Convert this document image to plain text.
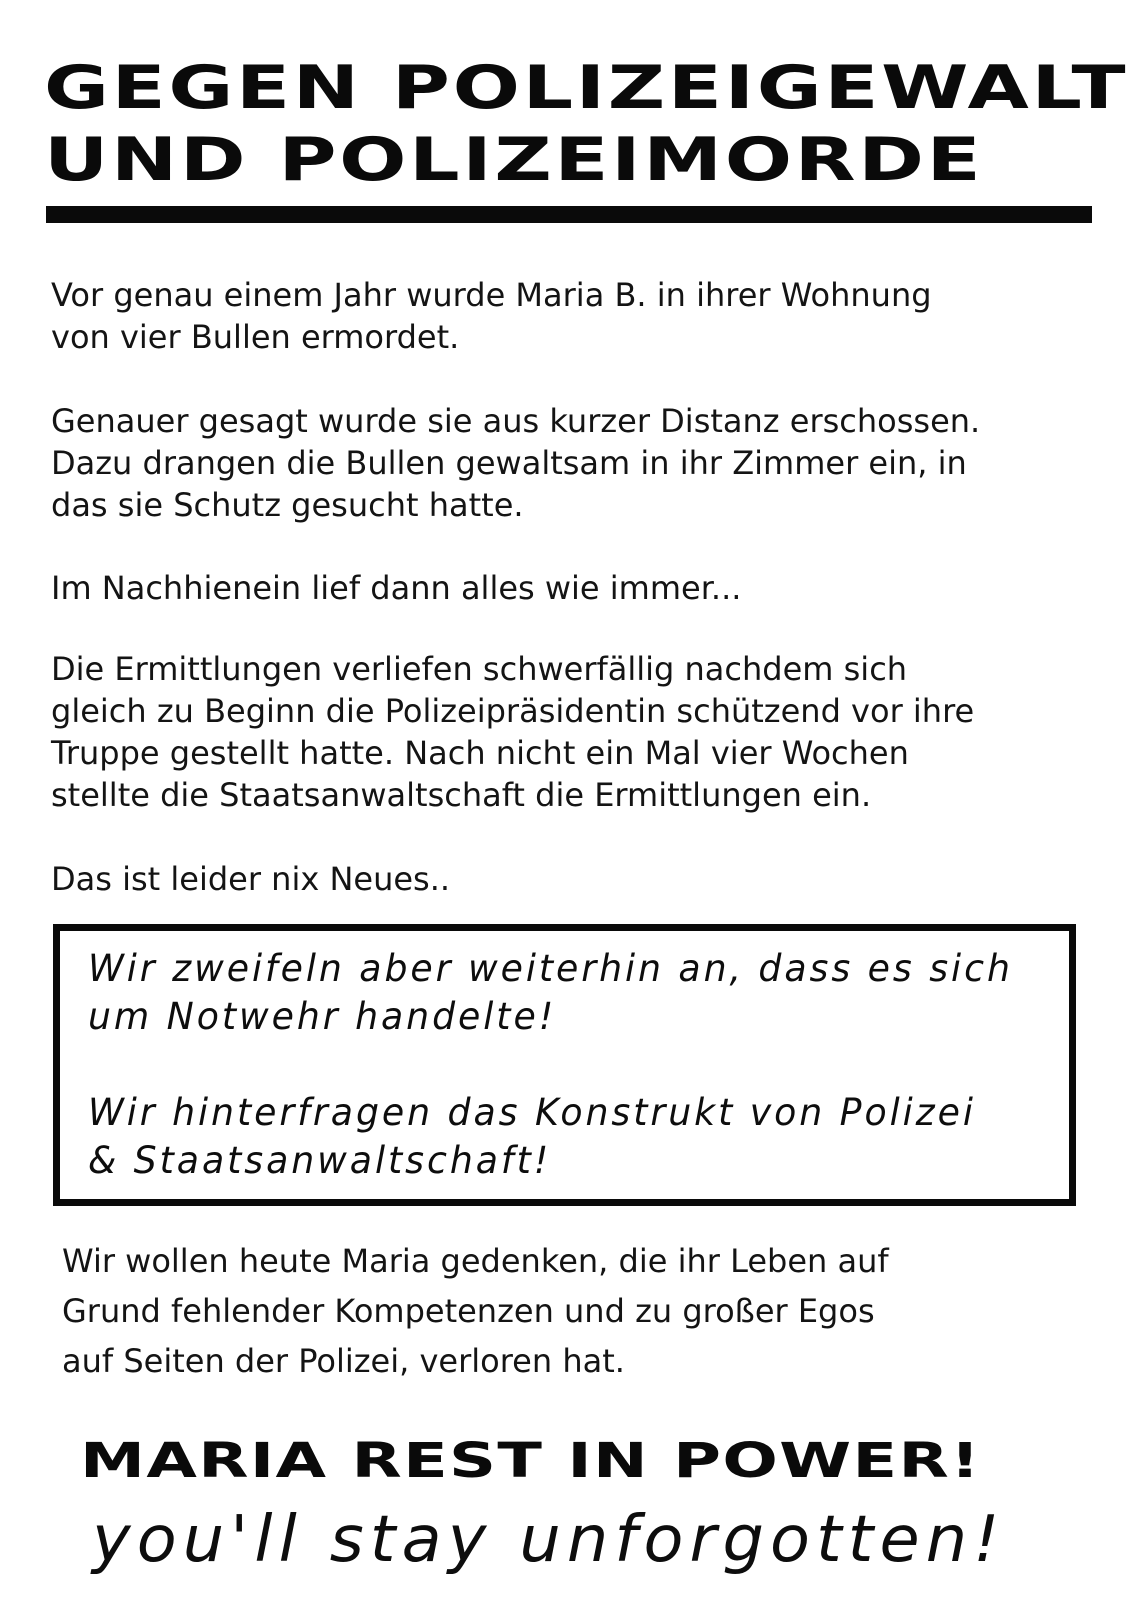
GEGEN POLIZEIGEWALT
UND POLIZEIMORDE

Vor genau einem Jahr wurde Maria B. in ihrer Wohnung
von vier Bullen ermordet.

Genauer gesagt wurde sie aus kurzer Distanz erschossen.
Dazu drangen die Bullen gewaltsam in ihr Zimmer ein, in
das sie Schutz gesucht hatte.

Im Nachhienein lief dann alles wie immer...

Die Ermittlungen verliefen schwerfällig nachdem sich
gleich zu Beginn die Polizeipräsidentin schützend vor ihre
Truppe gestellt hatte. Nach nicht ein Mal vier Wochen
stellte die Staatsanwaltschaft die Ermittlungen ein.

Das ist leider nix Neues..

Wir zweifeln aber weiterhin an, dass es sich
um Notwehr handelte!

Wir hinterfragen das Konstrukt von Polizei
& Staatsanwaltschaft!

Wir wollen heute Maria gedenken, die ihr Leben auf
Grund fehlender Kompetenzen und zu großer Egos
auf Seiten der Polizei, verloren hat.

MARIA REST IN POWER!

you'll stay unforgotten!
